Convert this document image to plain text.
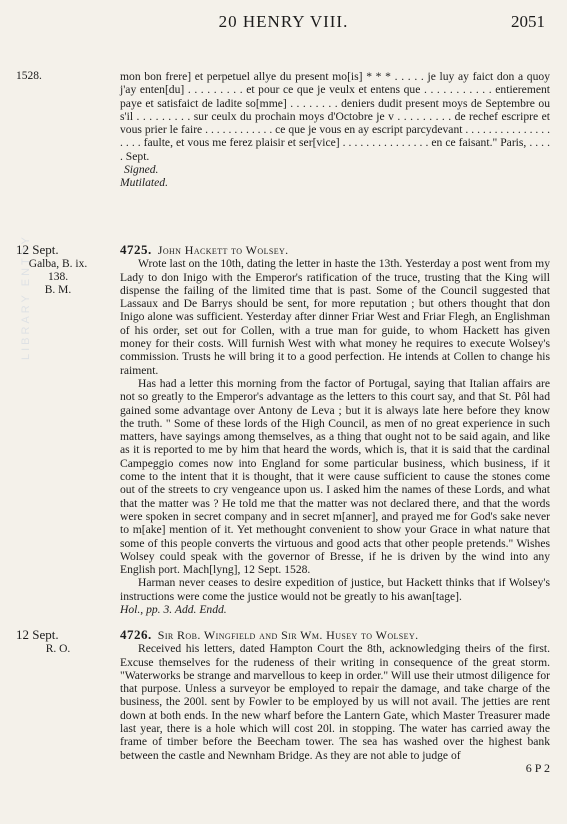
20 HENRY VIII.	2051
LIBRARY ENTRY
1528.	mon bon frere] et perpetuel allye du present mo[is] * * * . . . . . je luy ay faict don a quoy j'ay enten[du] . . . . . . . . . et pour ce que je veulx et entens que . . . . . . . . . . . entierement paye et satisfaict de ladite so[mme] . . . . . . . . deniers dudit present moys de Septembre ou s'il . . . . . . . . . sur ceulx du prochain moys d'Octobre je v . . . . . . . . . de rechef escripre et vous prier le faire . . . . . . . . . . . . ce que je vous en ay escript parcydevant . . . . . . . . . . . . . . . . . . . faulte, et vous me ferez plaisir et ser[vice] . . . . . . . . . . . . . . . en ce faisant." Paris, . . . . . Sept.

Signed.

Mutilated.

12 Sept.

Galba, B. ix.
138.
B. M.

4725. John Hackett to Wolsey.

Wrote last on the 10th, dating the letter in haste the 13th. Yesterday a post went from my Lady to don Inigo with the Emperor's ratification of the truce, trusting that the King will dispense the failing of the limited time that is past. Some of the Council suggested that Lassaux and De Barrys should be sent, for more reputation ; but others thought that don Inigo alone was sufficient. Yesterday after dinner Friar West and Friar Flegh, an Englishman of his order, set out for Collen, with a true man for guide, to whom Hackett has given money for their costs. Will furnish West with what money he requires to execute Wolsey's commission. Trusts he will bring it to a good perfection. He intends at Collen to change his raiment.

Has had a letter this morning from the factor of Portugal, saying that Italian affairs are not so greatly to the Emperor's advantage as the letters to this court say, and that St. Pôl had gained some advantage over Antony de Leva ; but it is always late here before they know the truth. " Some of these lords of the High Council, as men of no great experience in such matters, have sayings among themselves, as a thing that ought not to be said again, and like as it is reported to me by him that heard the words, which is, that it is said that the cardinal Campeggio comes now into England for some particular business, which business, if it come to the intent that it is thought, that it were cause sufficient to cause the stones come out of the streets to cry vengeance upon us. I asked him the names of these Lords, and what that the matter was ? He told me that the matter was not declared there, and that the words were spoken in secret company and in secret m[anner], and prayed me for God's sake never to m[ake] mention of it. Yet methought convenient to show your Grace in what nature that some of this people converts the virtuous and good acts that other people pretends." Wishes Wolsey could speak with the governor of Bresse, if he is driven by the wind into any English port. Mach[lyng], 12 Sept. 1528.

Harman never ceases to desire expedition of justice, but Hackett thinks that if Wolsey's instructions were come the justice would not be greatly to his awan[tage].

Hol., pp. 3. Add. Endd.

12 Sept.

R. O.

4726. Sir Rob. Wingfield and Sir Wm. Husey to Wolsey.

Received his letters, dated Hampton Court the 8th, acknowledging theirs of the first. Excuse themselves for the rudeness of their writing in consequence of the great storm. "Waterworks be strange and marvellous to keep in order." Will use their utmost diligence for that purpose. Unless a surveyor be employed to repair the damage, and take charge of the business, the 200l. sent by Fowler to be employed by us will not avail. The jetties are rent down at both ends. In the new wharf before the Lantern Gate, which Master Treasurer made last year, there is a hole which will cost 20l. in stopping. The water has carried away the frame of timber before the Beecham tower. The sea has washed over the highest bank between the castle and Newnham Bridge. As they are not able to judge of

6 P 2
